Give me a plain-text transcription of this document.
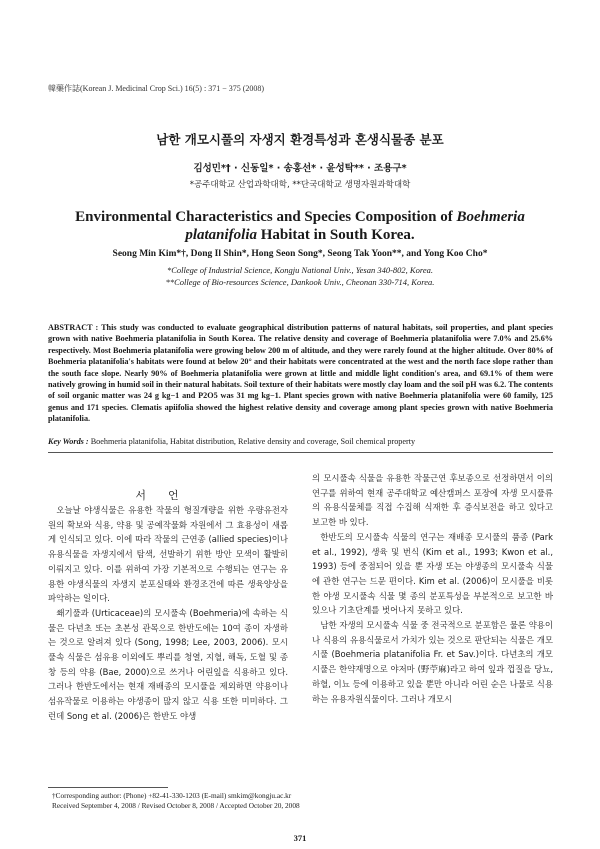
韓藥作誌(Korean J. Medicinal Crop Sci.) 16(5) : 371 − 375 (2008)
남한 개모시풀의 자생지 환경특성과 혼생식물종 분포
김성민*† · 신동일* · 송홍선* · 윤성탁** · 조용구*
*공주대학교 산업과학대학, **단국대학교 생명자원과학대학
Environmental Characteristics and Species Composition of Boehmeria platanifolia Habitat in South Korea.
Seong Min Kim*†, Dong Il Shin*, Hong Seon Song*, Seong Tak Yoon**, and Yong Koo Cho*
*College of Industrial Science, Kongju National Univ., Yesan 340-802, Korea.
**College of Bio-resources Science, Dankook Univ., Cheonan 330-714, Korea.
ABSTRACT : This study was conducted to evaluate geographical distribution patterns of natural habitats, soil properties, and plant species grown with native Boehmeria platanifolia in South Korea. The relative density and coverage of Boehmeria platanifolia were 7.0% and 25.6% respectively. Most Boehmeria platanifolia were growing below 200 m of altitude, and they were rarely found at the higher altitude. Over 80% of Boehmeria platanifolia's habitats were found at below 20° and their habitats were concentrated at the west and the north face slope rather than the south face slope. Nearly 90% of Boehmeria platanifolia were grown at little and middle light condition's area, and 69.1% of them were natively growing in humid soil in their natural habitats. Soil texture of their habitats were mostly clay loam and the soil pH was 6.2. The contents of soil organic matter was 24 g kg−1 and P2O5 was 31 mg kg−1. Plant species grown with native Boehmeria platanifolia were 60 family, 125 genus and 171 species. Clematis apiifolia showed the highest relative density and coverage among plant species grown with native Boehmeria platanifolia.
Key Words : Boehmeria platanifolia, Habitat distribution, Relative density and coverage, Soil chemical property
서언

오늘날 야생식물은 유용한 작물의 형질개량을 위한 우량유전자원의 확보와 식용, 약용 및 공예작물화 자원에서 그 효용성이 새롭게 인식되고 있다. 이에 따라 작물의 근연종 (allied species)이나 유용식물을 자생지에서 탐색, 선발하기 위한 방안 모색이 활발히 이뤄지고 있다. 이를 위하여 가장 기본적으로 수행되는 연구는 유용한 야생식물의 자생지 분포실태와 환경조건에 따른 생육양상을 파악하는 일이다.

쐐기풀과 (Urticaceae)의 모시풀속 (Boehmeria)에 속하는 식물은 다년초 또는 초본성 관목으로 한반도에는 10여 종이 자생하는 것으로 알려져 있다 (Song, 1998; Lee, 2003, 2006). 모시풀속 식물은 섬유용 이외에도 뿌리를 청열, 지혈, 해독, 도혈 및 종창 등의 약용 (Bae, 2000)으로 쓰거나 어린잎을 식용하고 있다. 그러나 한반도에서는 현재 재배종의 모시풀을 제외하면 약용이나 섬유작물로 이용하는 야생종이 많지 않고 식용 또한 미미하다. 그런데 Song et al. (2006)은 한반도 야생

의 모시풀속 식물을 유용한 작물근연 후보종으로 선정하면서 이의 연구를 위하여 현재 공주대학교 예산캠퍼스 포장에 자생 모시풀류의 유용식물체를 직접 수집해 식재한 후 증식보전을 하고 있다고 보고한 바 있다.

한반도의 모시풀속 식물의 연구는 재배종 모시풀의 품종 (Park et al., 1992), 생육 및 번식 (Kim et al., 1993; Kwon et al., 1993) 등에 중점되어 있을 뿐 자생 또는 야생종의 모시풀속 식물에 관한 연구는 드문 편이다. Kim et al. (2006)이 모시풀을 비롯한 야생 모시풀속 식물 몇 종의 분포특성을 부분적으로 보고한 바 있으나 기초단계를 벗어나지 못하고 있다.

남한 자생의 모시풀속 식물 중 전국적으로 분포함은 물론 약용이나 식용의 유용식물로서 가치가 있는 것으로 판단되는 식물은 개모시풀 (Boehmeria platanifolia Fr. et Sav.)이다. 다년초의 개모시풀은 한약재명으로 야저마 (野苧麻)라고 하여 잎과 껍질을 당뇨, 하혈, 이뇨 등에 이용하고 있을 뿐만 아니라 어린 순은 나물로 식용하는 유용자원식물이다. 그러나 개모시

†Corresponding author: (Phone) +82-41-330-1203 (E-mail) smkim@kongju.ac.kr
Received September 4, 2008 / Revised October 8, 2008 / Accepted October 20, 2008
371
